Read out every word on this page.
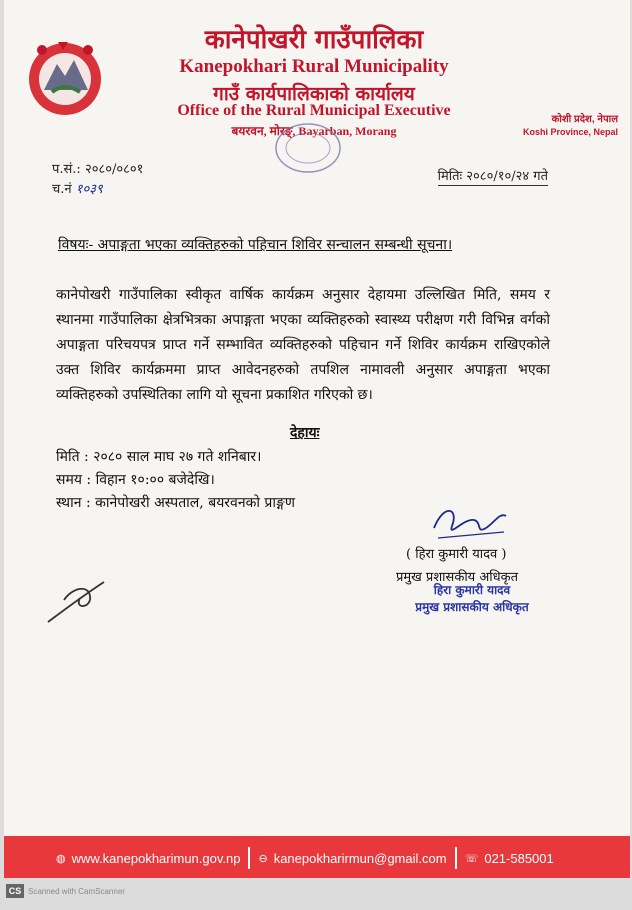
कानेपोखरी गाउँपालिका
Kanepokhari Rural Municipality
गाउँ कार्यपालिकाको कार्यालय
Office of the Rural Municipal Executive
बयरवन, मोरङ्, Bayarban, Morang
कोशी प्रदेश, नेपाल
Koshi Province, Nepal
प.सं.: २०८०/०८०१
च.नं १०३९
मितिः २०८०/१०/२४ गते
विषयः- अपाङ्गता भएका व्यक्तिहरुको पहिचान शिविर सन्चालन सम्बन्धी सूचना।

कानेपोखरी गाउँपालिका स्वीकृत वार्षिक कार्यक्रम अनुसार देहायमा उल्लिखित मिति, समय र स्थानमा गाउँपालिका क्षेत्रभित्रका अपाङ्गता भएका व्यक्तिहरुको स्वास्थ्य परीक्षण गरी विभिन्न वर्गको अपाङ्गता परिचयपत्र प्राप्त गर्ने सम्भावित व्यक्तिहरुको पहिचान गर्ने शिविर कार्यक्रम राखिएकोले उक्त शिविर कार्यक्रममा प्राप्त आवेदनहरुको तपशिल नामावली अनुसार अपाङ्गता भएका व्यक्तिहरुको उपस्थितिका लागि यो सूचना प्रकाशित गरिएको छ।

देहायः
मिति : २०८० साल माघ २७ गते शनिबार।
समय : विहान १०:०० बजेदेखि।
स्थान : कानेपोखरी अस्पताल, बयरवनको प्राङ्गण
( हिरा कुमारी यादव )
प्रमुख प्रशासकीय अधिकृत
हिरा कुमारी यादव
प्रमुख प्रशासकीय अधिकृत
◍ www.kanepokharimun.gov.np ⊖ kanepokharirmun@gmail.com ☏ 021-585001
CS Scanned with CamScanner
